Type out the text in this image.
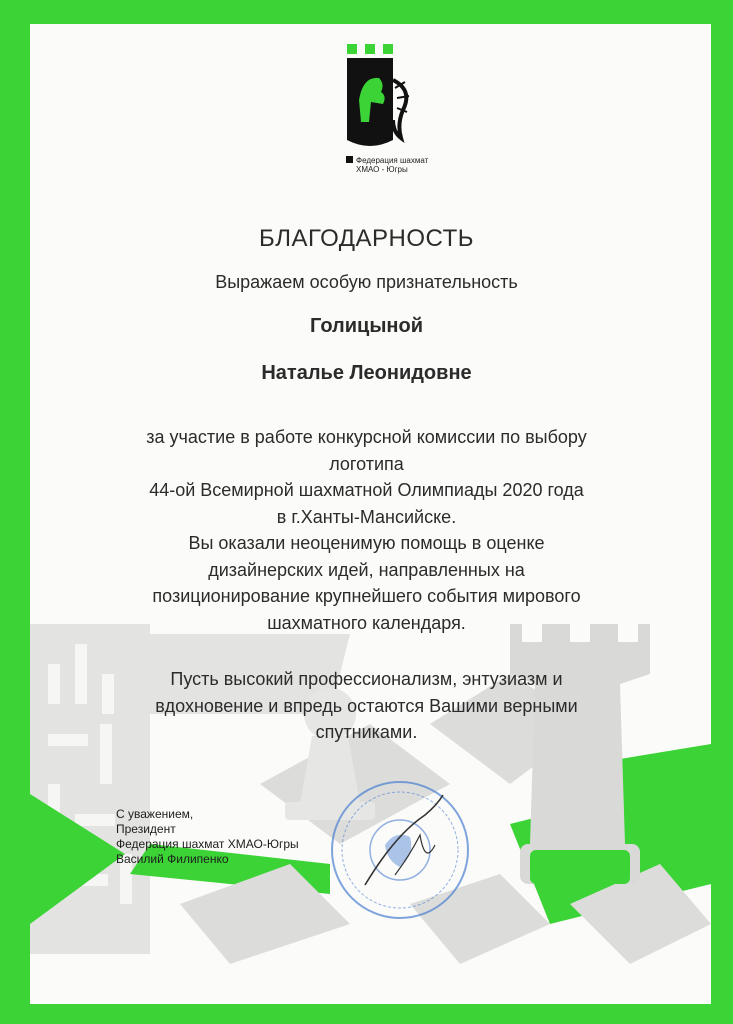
Федерация шахмат
ХМАО - Югры
БЛАГОДАРНОСТЬ
Выражаем особую признательность
Голицыной
Наталье Леонидовне
за участие в работе конкурсной комиссии по выбору
логотипа
44-ой Всемирной шахматной Олимпиады 2020 года
в г.Ханты-Мансийске.
Вы оказали неоценимую помощь в оценке
дизайнерских идей, направленных на
позиционирование крупнейшего события мирового
шахматного календаря.
Пусть высокий профессионализм, энтузиазм и
вдохновение и впредь остаются Вашими верными
спутниками.
С уважением,
Президент
Федерация шахмат ХМАО-Югры
Василий Филипенко
